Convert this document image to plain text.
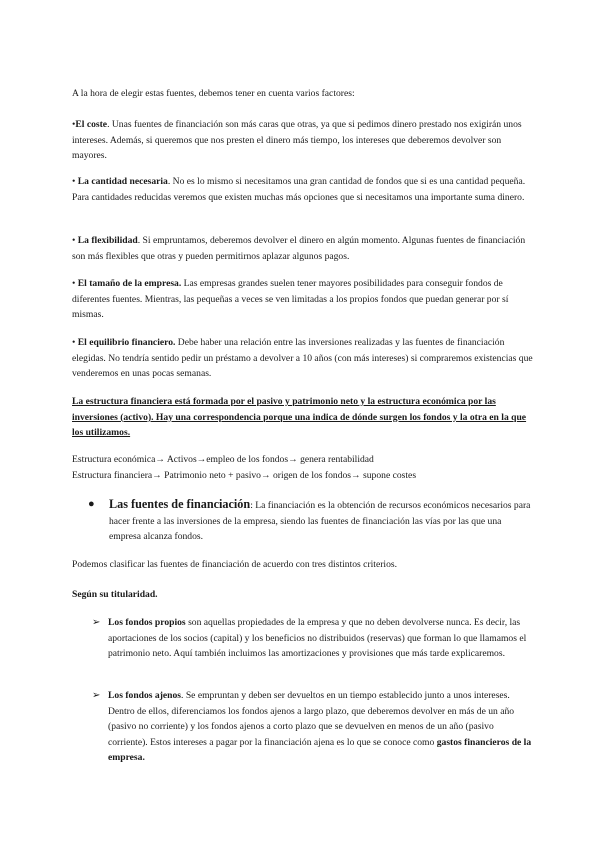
A la hora de elegir estas fuentes, debemos tener en cuenta varios factores:

•El coste. Unas fuentes de financiación son más caras que otras, ya que si pedimos dinero prestado nos exigirán unos intereses. Además, si queremos que nos presten el dinero más tiempo, los intereses que deberemos devolver son mayores.

• La cantidad necesaria. No es lo mismo si necesitamos una gran cantidad de fondos que si es una cantidad pequeña. Para cantidades reducidas veremos que existen muchas más opciones que si necesitamos una importante suma dinero.

• La flexibilidad. Si empruntamos, deberemos devolver el dinero en algún momento. Algunas fuentes de financiación son más flexibles que otras y pueden permitirnos aplazar algunos pagos.

• El tamaño de la empresa. Las empresas grandes suelen tener mayores posibilidades para conseguir fondos de diferentes fuentes. Mientras, las pequeñas a veces se ven limitadas a los propios fondos que puedan generar por sí mismas.

• El equilibrio financiero. Debe haber una relación entre las inversiones realizadas y las fuentes de financiación elegidas. No tendría sentido pedir un préstamo a devolver a 10 años (con más intereses) si compraremos existencias que venderemos en unas pocas semanas.

La estructura financiera está formada por el pasivo y patrimonio neto y la estructura económica por las inversiones (activo). Hay una correspondencia porque una indica de dónde surgen los fondos y la otra en la que los utilizamos.

Estructura económica→ Activos→empleo de los fondos→ genera rentabilidad
Estructura financiera→ Patrimonio neto + pasivo→ origen de los fondos→ supone costes

● Las fuentes de financiación: La financiación es la obtención de recursos económicos necesarios para hacer frente a las inversiones de la empresa, siendo las fuentes de financiación las vías por las que una empresa alcanza fondos.

Podemos clasificar las fuentes de financiación de acuerdo con tres distintos criterios.

Según su titularidad.

➢ Los fondos propios son aquellas propiedades de la empresa y que no deben devolverse nunca. Es decir, las aportaciones de los socios (capital) y los beneficios no distribuidos (reservas) que forman lo que llamamos el patrimonio neto. Aquí también incluimos las amortizaciones y provisiones que más tarde explicaremos.
➢ Los fondos ajenos. Se empruntan y deben ser devueltos en un tiempo establecido junto a unos intereses. Dentro de ellos, diferenciamos los fondos ajenos a largo plazo, que deberemos devolver en más de un año (pasivo no corriente) y los fondos ajenos a corto plazo que se devuelven en menos de un año (pasivo corriente). Estos intereses a pagar por la financiación ajena es lo que se conoce como gastos financieros de la empresa.
